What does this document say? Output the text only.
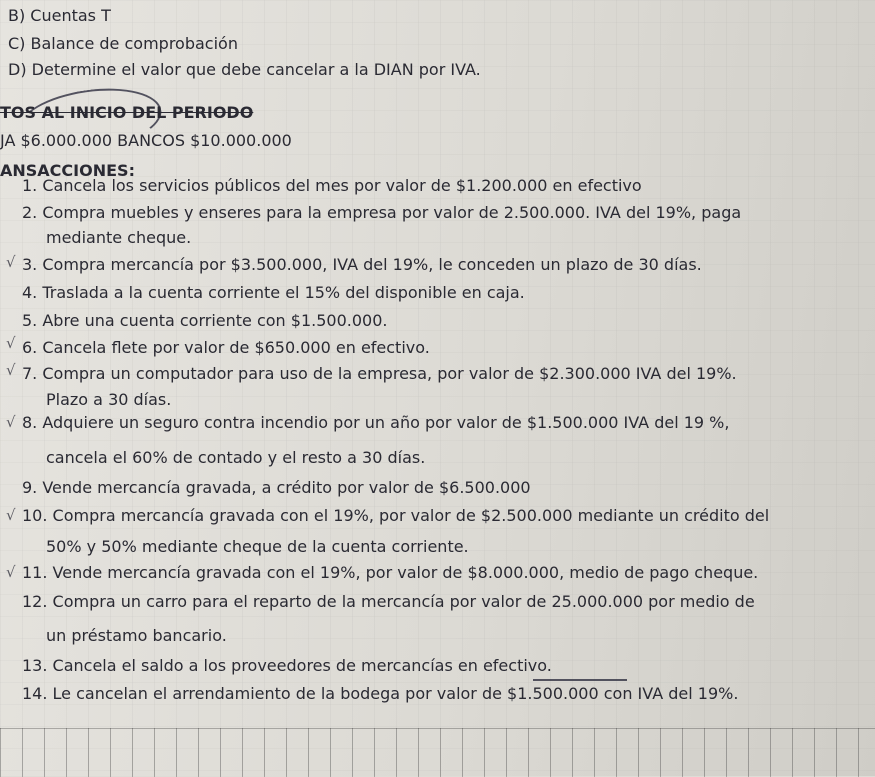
B) Cuentas T
C) Balance de comprobación
D) Determine el valor que debe cancelar a la DIAN por IVA.
TOS AL INICIO DEL PERIODO
JA $6.000.000 BANCOS $10.000.000
ANSACCIONES:
1. Cancela los servicios públicos del mes por valor de $1.200.000 en efectivo
2. Compra muebles y enseres para la empresa por valor de 2.500.000. IVA del 19%, paga
mediante cheque.
3. Compra mercancía por $3.500.000, IVA del 19%, le conceden un plazo de 30 días.
4. Traslada a la cuenta corriente el 15% del disponible en caja.
5. Abre una cuenta corriente con $1.500.000.
6. Cancela flete por valor de $650.000 en efectivo.
7. Compra un computador para uso de la empresa, por valor de $2.300.000 IVA del 19%.
Plazo a 30 días.
8. Adquiere un seguro contra incendio por un año por valor de $1.500.000 IVA del 19 %,
cancela el 60% de contado y el resto a 30 días.
9. Vende mercancía gravada, a crédito por valor de $6.500.000
10. Compra mercancía gravada con el 19%, por valor de $2.500.000 mediante un crédito del
50% y 50% mediante cheque de la cuenta corriente.
11. Vende mercancía gravada con el 19%, por valor de $8.000.000, medio de pago cheque.
12. Compra un carro para el reparto de la mercancía por valor de 25.000.000 por medio de
un préstamo bancario.
13. Cancela el saldo a los proveedores de mercancías en efectivo.
14. Le cancelan el arrendamiento de la bodega por valor de $1.500.000 con IVA del 19%.
√
√
√
√
√
√
